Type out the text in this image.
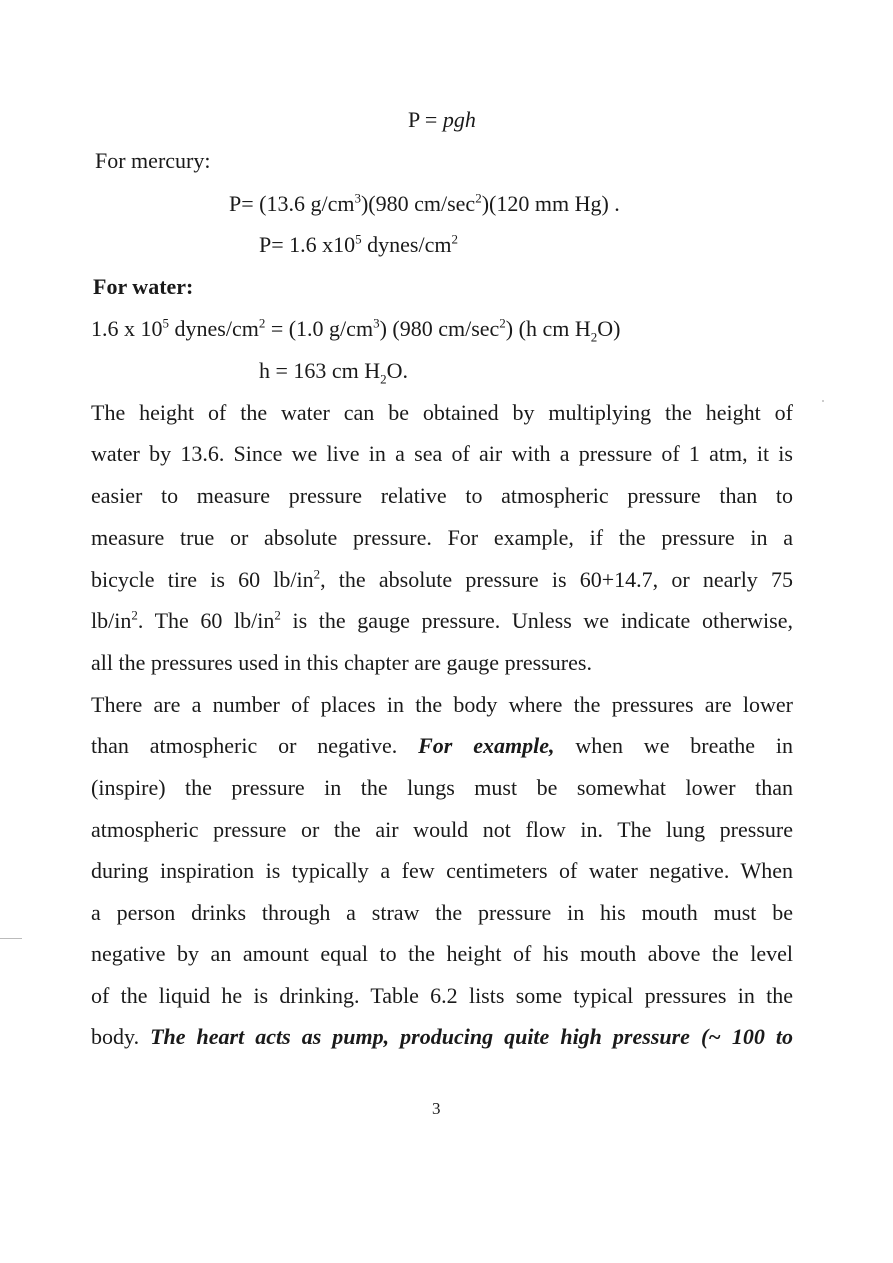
P = pgh
For mercury:
P= (13.6 $g/cm^3)(980$ $cm/\sec^2)(120$ mm Hg) .
P= 1.6 $x10^5$ dynes/$cm^2$
For water:
1.6 x $10^5$ dynes/$cm^2 = (1.0$ $g/cm^3$) (980 $cm/\sec^2$) (h cm $H_2O$)
h = 163 cm $H_2O$.
The height of the water can be obtained by multiplying the height of
water by 13.6. Since we live in a sea of air with a pressure of 1 atm, it is
easier to measure pressure relative to atmospheric pressure than to
measure true or absolute pressure. For example, if the pressure in a
bicycle tire is 60 $lb/in^2$, the absolute pressure is 60+14.7, or nearly 75
$lb/in^2$. The 60 $lb/in^2$ is the gauge pressure. Unless we indicate otherwise,
all the pressures used in this chapter are gauge pressures.
There are a number of places in the body where the pressures are lower
than atmospheric or negative. For example, when we breathe in
(inspire) the pressure in the lungs must be somewhat lower than
atmospheric pressure or the air would not flow in. The lung pressure
during inspiration is typically a few centimeters of water negative. When
a person drinks through a straw the pressure in his mouth must be
negative by an amount equal to the height of his mouth above the level
of the liquid he is drinking. Table 6.2 lists some typical pressures in the
body. The heart acts as pump, producing quite high pressure (~ 100 to
3
